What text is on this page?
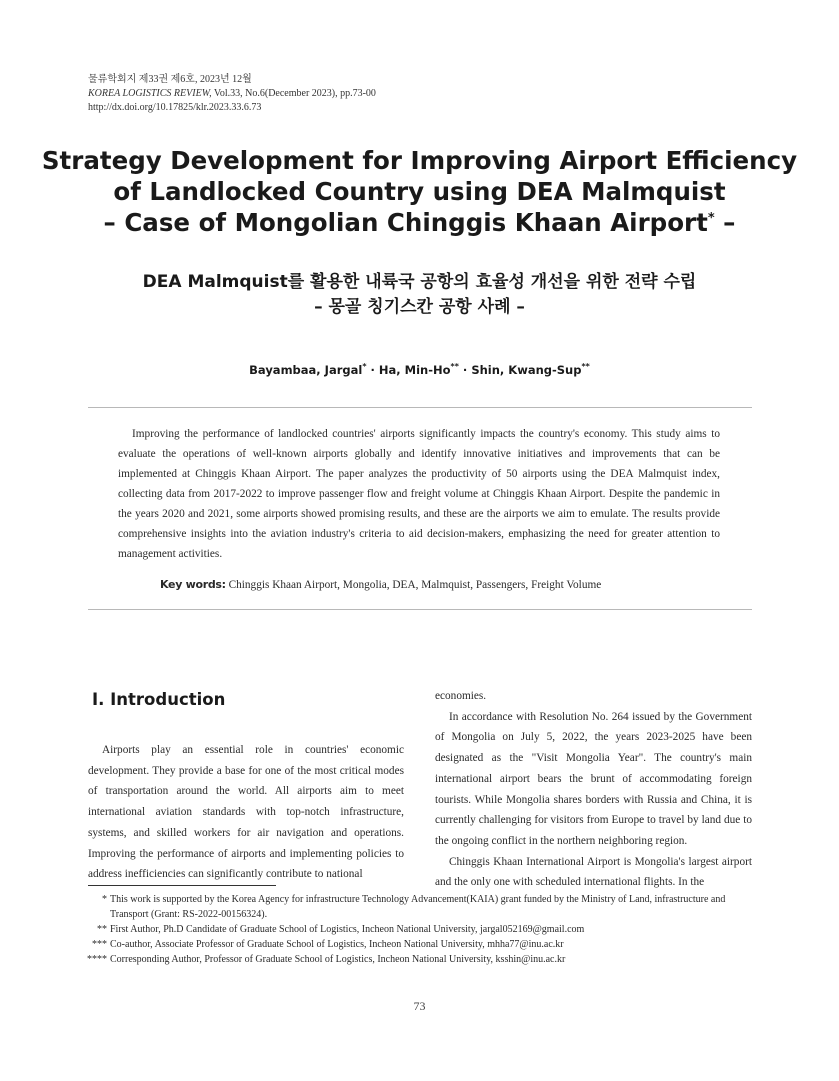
물류학회지 제33권 제6호, 2023년 12월
KOREA LOGISTICS REVIEW, Vol.33, No.6(December 2023), pp.73-00
http://dx.doi.org/10.17825/klr.2023.33.6.73
Strategy Development for Improving Airport Efficiency
of Landlocked Country using DEA Malmquist
– Case of Mongolian Chinggis Khaan Airport* –
DEA Malmquist를 활용한 내륙국 공항의 효율성 개선을 위한 전략 수립
– 몽골 칭기스칸 공항 사례 –
Bayambaa, Jargal* · Ha, Min-Ho** · Shin, Kwang-Sup**
Improving the performance of landlocked countries' airports significantly impacts the country's economy. This study aims to evaluate the operations of well-known airports globally and identify innovative initiatives and improvements that can be implemented at Chinggis Khaan Airport. The paper analyzes the productivity of 50 airports using the DEA Malmquist index, collecting data from 2017-2022 to improve passenger flow and freight volume at Chinggis Khaan Airport. Despite the pandemic in the years 2020 and 2021, some airports showed promising results, and these are the airports we aim to emulate. The results provide comprehensive insights into the aviation industry's criteria to aid decision-makers, emphasizing the need for greater attention to management activities.
Key words: Chinggis Khaan Airport, Mongolia, DEA, Malmquist, Passengers, Freight Volume
Ⅰ. Introduction

Airports play an essential role in countries' economic development. They provide a base for one of the most critical modes of transportation around the world. All airports aim to meet international aviation standards with top-notch infrastructure, systems, and skilled workers for air navigation and operations. Improving the performance of airports and implementing policies to address inefficiencies can significantly contribute to national

economies.

In accordance with Resolution No. 264 issued by the Government of Mongolia on July 5, 2022, the years 2023-2025 have been designated as the "Visit Mongolia Year". The country's main international airport bears the brunt of accommodating foreign tourists. While Mongolia shares borders with Russia and China, it is currently challenging for visitors from Europe to travel by land due to the ongoing conflict in the northern neighboring region.

Chinggis Khaan International Airport is Mongolia's largest airport and the only one with scheduled international flights. In the

* This work is supported by the Korea Agency for infrastructure Technology Advancement(KAIA) grant funded by the Ministry of Land, infrastructure and Transport (Grant: RS-2022-00156324).
** First Author, Ph.D Candidate of Graduate School of Logistics, Incheon National University, jargal052169@gmail.com
*** Co-author, Associate Professor of Graduate School of Logistics, Incheon National University, mhha77@inu.ac.kr
**** Corresponding Author, Professor of Graduate School of Logistics, Incheon National University, ksshin@inu.ac.kr
73
